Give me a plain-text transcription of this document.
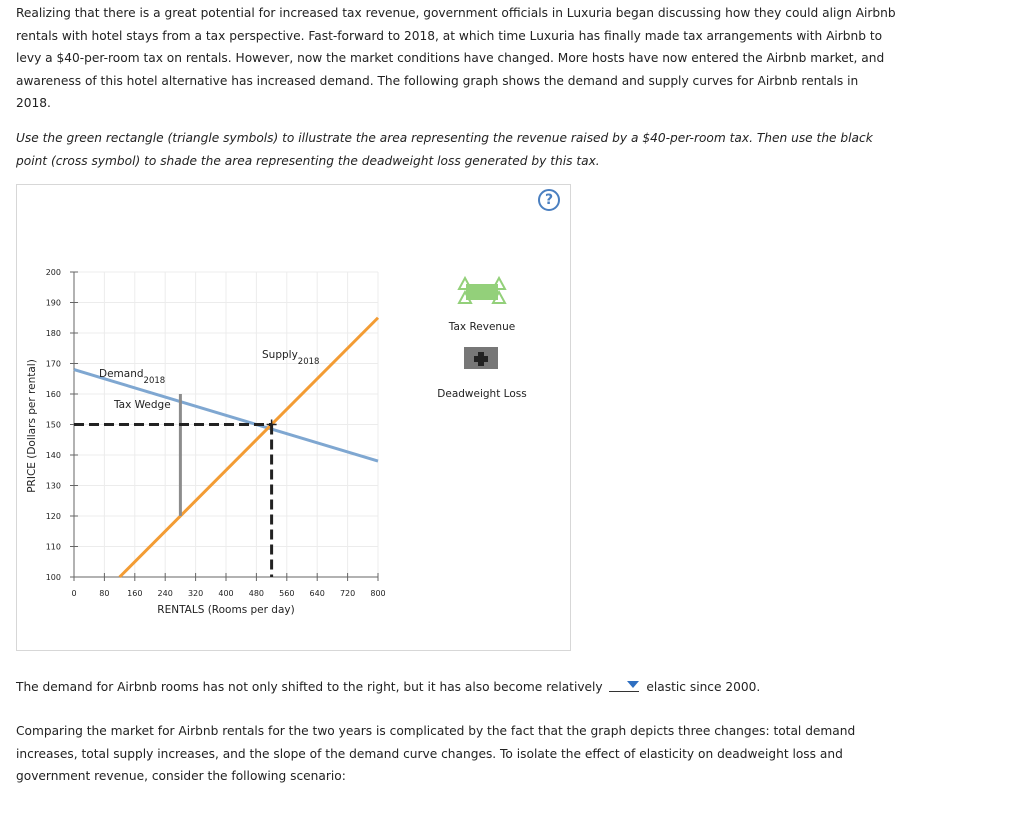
Realizing that there is a great potential for increased tax revenue, government officials in Luxuria began discussing how they could align Airbnb rentals with hotel stays from a tax perspective. Fast-forward to 2018, at which time Luxuria has finally made tax arrangements with Airbnb to levy a $40-per-room tax on rentals. However, now the market conditions have changed. More hosts have now entered the Airbnb market, and awareness of this hotel alternative has increased demand. The following graph shows the demand and supply curves for Airbnb rentals in 2018.

Use the green rectangle (triangle symbols) to illustrate the area representing the revenue raised by a $40-per-room tax. Then use the black point (cross symbol) to shade the area representing the deadweight loss generated by this tax.

?
100
110
120
130
140
150
160
170
180
190
200
0	80 160 240 320 400 480 560 640 720 800
PRICE (Dollars per rental)
RENTALS (Rooms per day)
Demand$_{2018}$
Supply$_{2018}$
Tax Wedge
Tax Revenue
Deadweight Loss
The demand for Airbnb rooms has not only shifted to the right, but it has also become relatively	elastic since 2000.

Comparing the market for Airbnb rentals for the two years is complicated by the fact that the graph depicts three changes: total demand increases, total supply increases, and the slope of the demand curve changes. To isolate the effect of elasticity on deadweight loss and government revenue, consider the following scenario:
